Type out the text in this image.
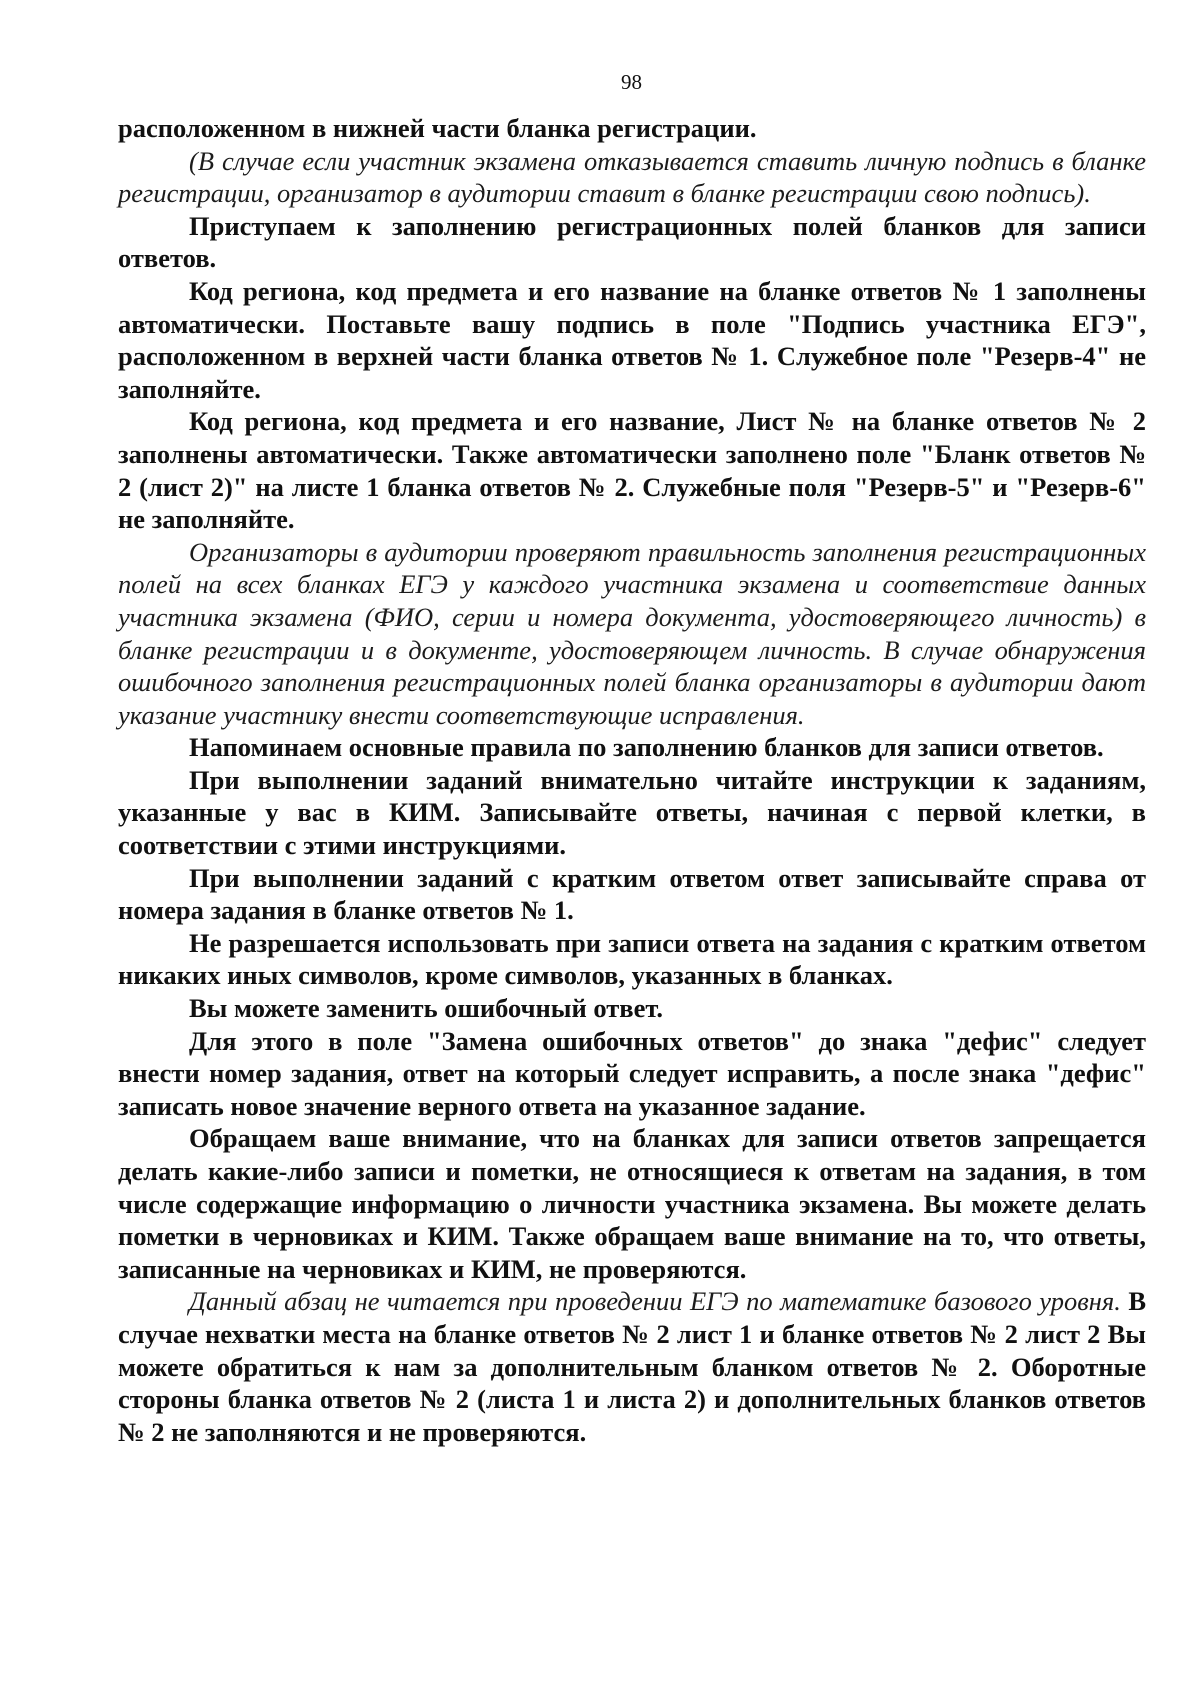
98

расположенном в нижней части бланка регистрации.

(В случае если участник экзамена отказывается ставить личную подпись в бланке регистрации, организатор в аудитории ставит в бланке регистрации свою подпись).

Приступаем к заполнению регистрационных полей бланков для записи ответов.

Код региона, код предмета и его название на бланке ответов № 1 заполнены автоматически. Поставьте вашу подпись в поле "Подпись участника ЕГЭ", расположенном в верхней части бланка ответов № 1. Служебное поле "Резерв-4" не заполняйте.

Код региона, код предмета и его название, Лист № на бланке ответов № 2 заполнены автоматически. Также автоматически заполнено поле "Бланк ответов № 2 (лист 2)" на листе 1 бланка ответов № 2. Служебные поля "Резерв-5" и "Резерв-6" не заполняйте.

Организаторы в аудитории проверяют правильность заполнения регистрационных полей на всех бланках ЕГЭ у каждого участника экзамена и соответствие данных участника экзамена (ФИО, серии и номера документа, удостоверяющего личность) в бланке регистрации и в документе, удостоверяющем личность. В случае обнаружения ошибочного заполнения регистрационных полей бланка организаторы в аудитории дают указание участнику внести соответствующие исправления.

Напоминаем основные правила по заполнению бланков для записи ответов.

При выполнении заданий внимательно читайте инструкции к заданиям, указанные у вас в КИМ. Записывайте ответы, начиная с первой клетки, в соответствии с этими инструкциями.

При выполнении заданий с кратким ответом ответ записывайте справа от номера задания в бланке ответов № 1.

Не разрешается использовать при записи ответа на задания с кратким ответом никаких иных символов, кроме символов, указанных в бланках.

Вы можете заменить ошибочный ответ.

Для этого в поле "Замена ошибочных ответов" до знака "дефис" следует внести номер задания, ответ на который следует исправить, а после знака "дефис" записать новое значение верного ответа на указанное задание.

Обращаем ваше внимание, что на бланках для записи ответов запрещается делать какие-либо записи и пометки, не относящиеся к ответам на задания, в том числе содержащие информацию о личности участника экзамена. Вы можете делать пометки в черновиках и КИМ. Также обращаем ваше внимание на то, что ответы, записанные на черновиках и КИМ, не проверяются.

Данный абзац не читается при проведении ЕГЭ по математике базового уровня. В случае нехватки места на бланке ответов № 2 лист 1 и бланке ответов № 2 лист 2 Вы можете обратиться к нам за дополнительным бланком ответов № 2. Оборотные стороны бланка ответов № 2 (листа 1 и листа 2) и дополнительных бланков ответов № 2 не заполняются и не проверяются.
